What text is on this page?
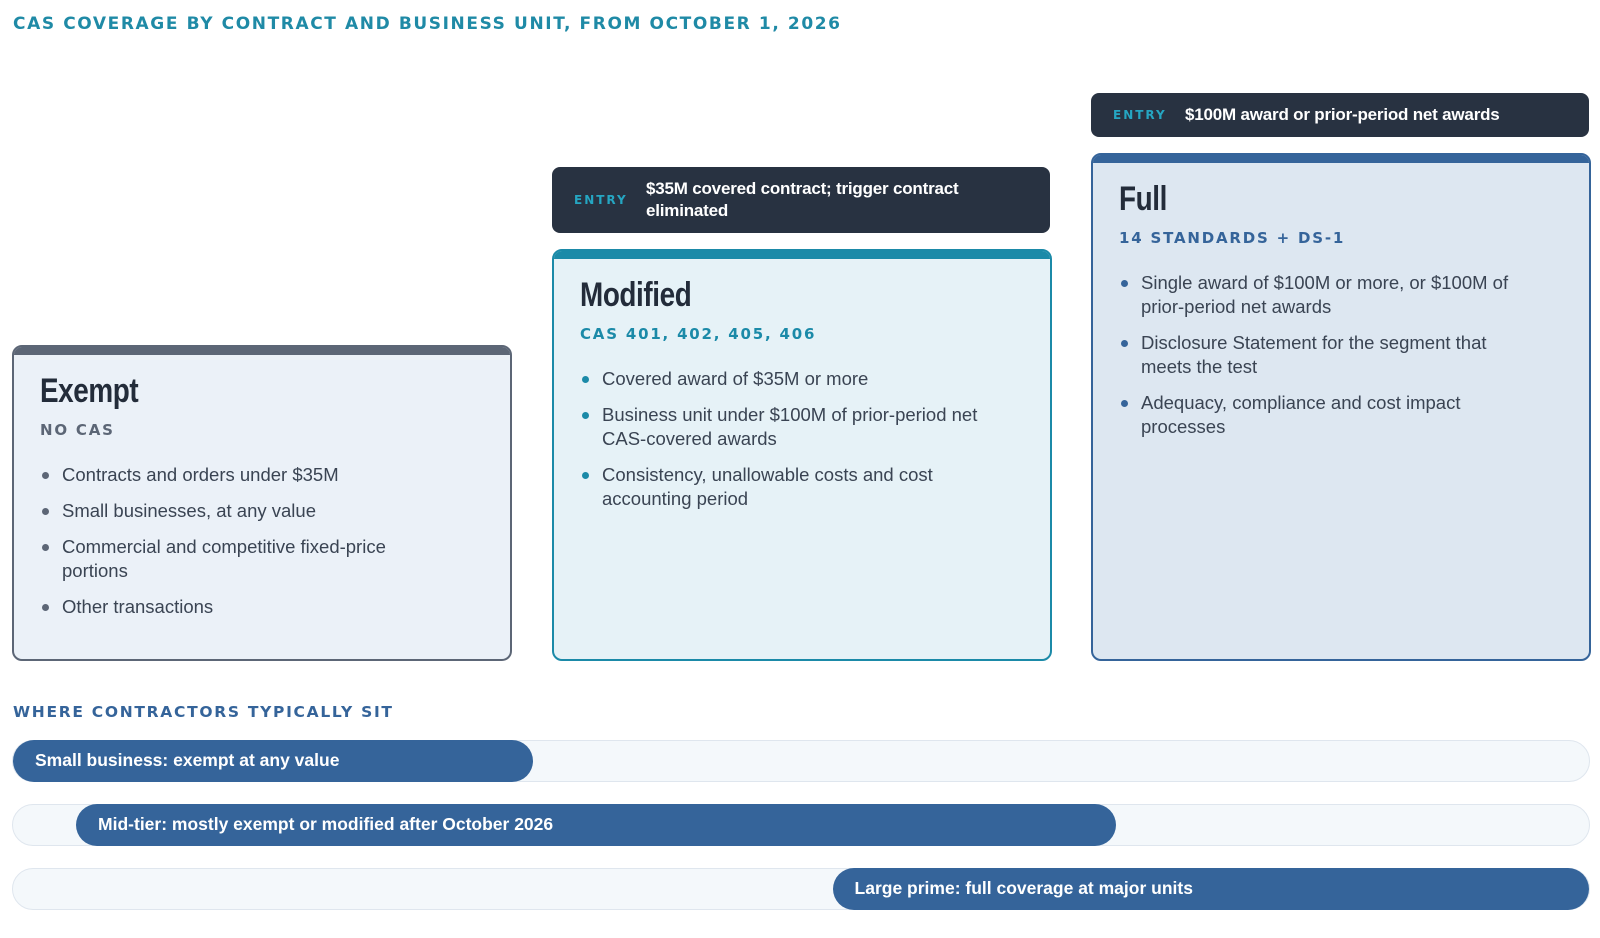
CAS COVERAGE BY CONTRACT AND BUSINESS UNIT, FROM OCTOBER 1, 2026
Exempt
NO CAS
Contracts and orders under $35M
Small businesses, at any value
Commercial and competitive fixed-price portions
Other transactions
ENTRY
$35M covered contract; trigger contract eliminated
Modified
CAS 401, 402, 405, 406
Covered award of $35M or more
Business unit under $100M of prior-period net CAS-covered awards
Consistency, unallowable costs and cost accounting period
ENTRY	$100M award or prior-period net awards
Full
14 STANDARDS + DS-1
Single award of $100M or more, or $100M of prior-period net awards
Disclosure Statement for the segment that meets the test
Adequacy, compliance and cost impact processes
WHERE CONTRACTORS TYPICALLY SIT
Small business: exempt at any value
Mid-tier: mostly exempt or modified after October 2026
Large prime: full coverage at major units
